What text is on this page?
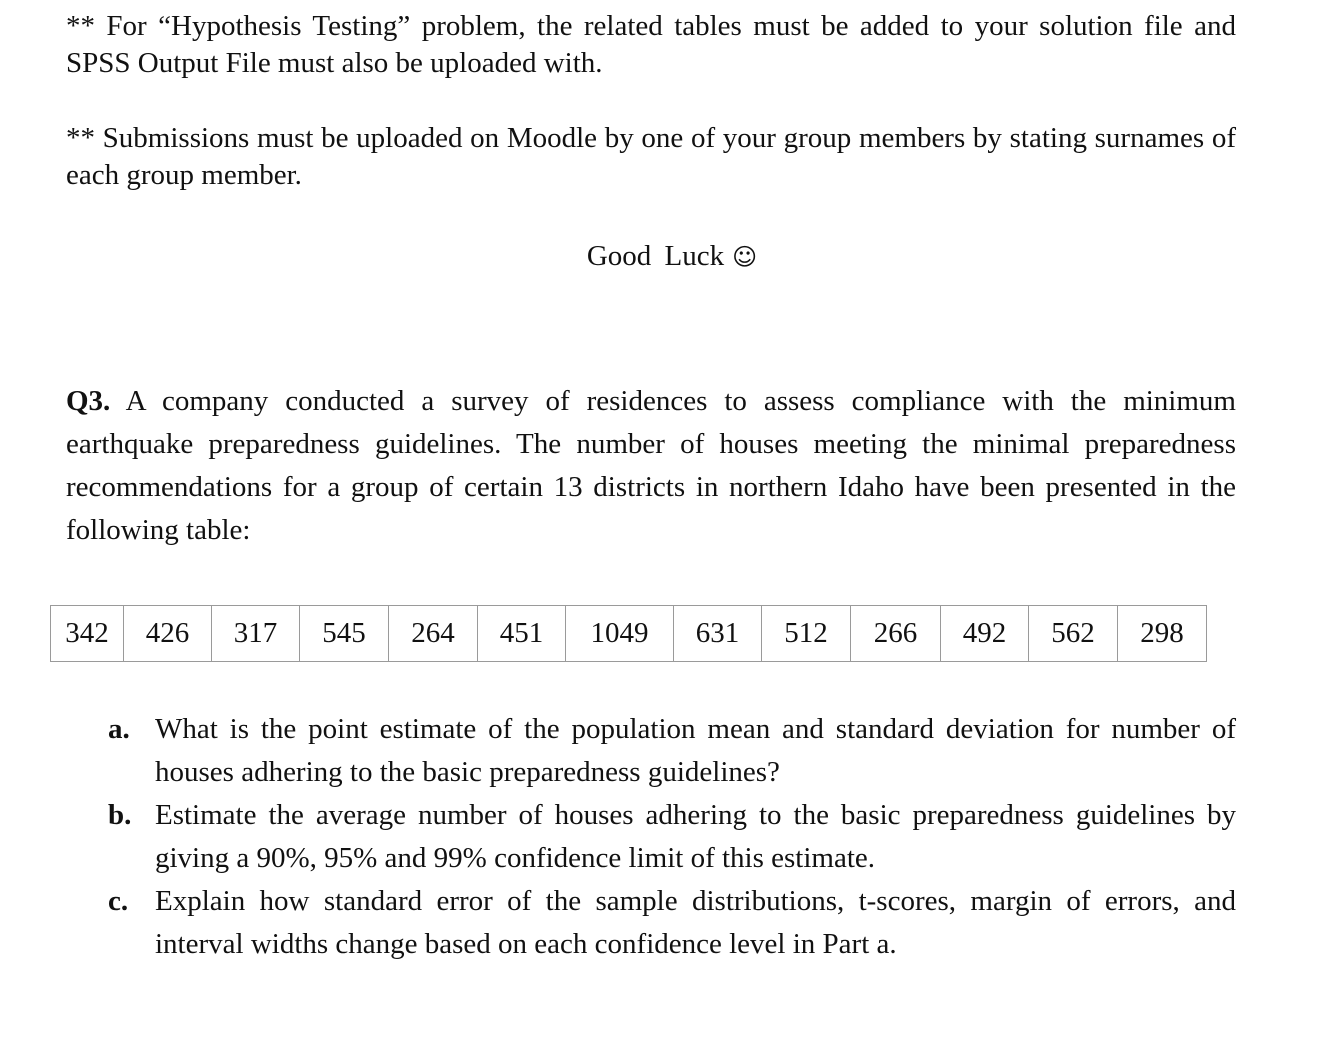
** For “Hypothesis Testing” problem, the related tables must be added to your solution file and SPSS Output File must also be uploaded with.
** Submissions must be uploaded on Moodle by one of your group members by stating surnames of each group member.
Good Luck ☺
Q3. A company conducted a survey of residences to assess compliance with the minimum earthquake preparedness guidelines. The number of houses meeting the minimal preparedness recommendations for a group of certain 13 districts in northern Idaho have been presented in the following table:
342	426	317	545	264	451	1049	631	512	266	492	562	298
a. What is the point estimate of the population mean and standard deviation for number of houses adhering to the basic preparedness guidelines?
b. Estimate the average number of houses adhering to the basic preparedness guidelines by giving a 90%, 95% and 99% confidence limit of this estimate.
c. Explain how standard error of the sample distributions, t-scores, margin of errors, and interval widths change based on each confidence level in Part a.
